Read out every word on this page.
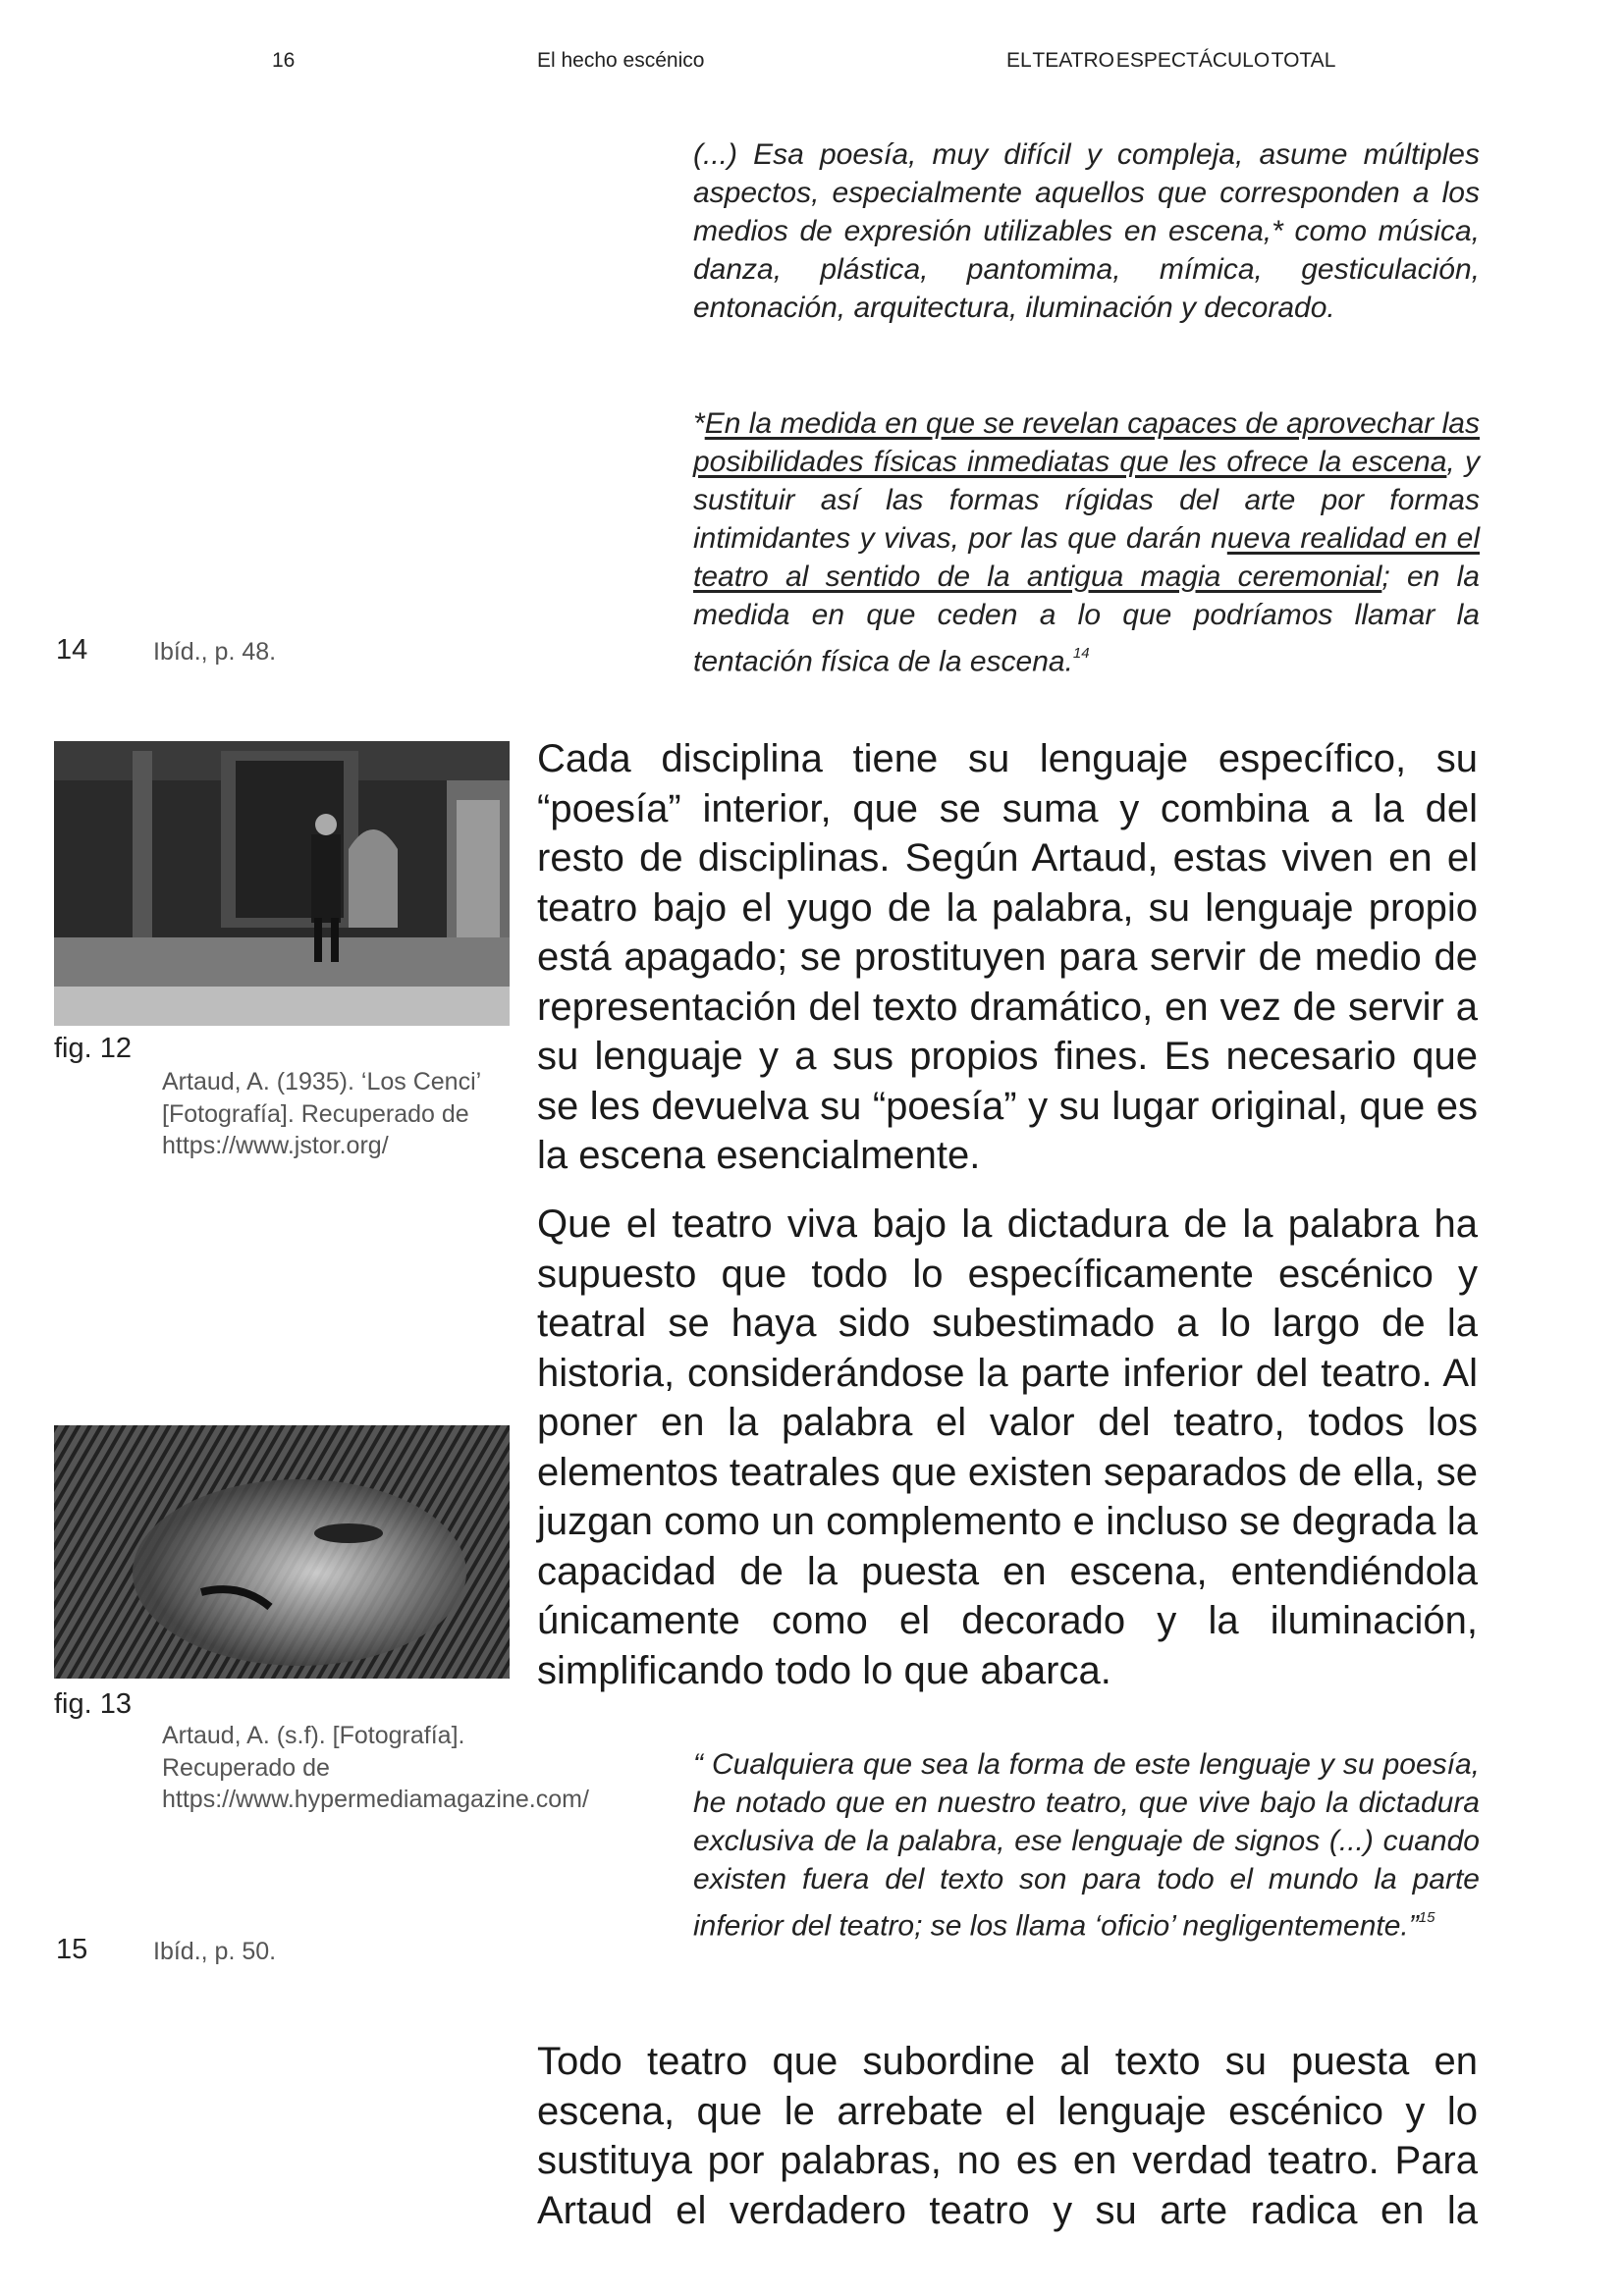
16	El hecho escénico	EL TEATRO ESPECTÁCULO TOTAL
(...) Esa poesía, muy difícil y compleja, asume múltiples aspectos, especialmente aquellos que corresponden a los medios de expresión utilizables en escena,* como música, danza, plástica, pantomima, mímica, gesticulación, entonación, arquitectura, iluminación y decorado.
*En la medida en que se revelan capaces de aprovechar las posibilidades físicas inmediatas que les ofrece la escena, y sustituir así las formas rígidas del arte por formas intimidantes y vivas, por las que darán nueva realidad en el teatro al sentido de la antigua magia ceremonial; en la medida en que ceden a lo que podríamos llamar la tentación física de la escena.$^{14}$
14	Ibíd., p. 48.
fig. 12
Artaud, A. (1935). ‘Los Cenci’ [Fotografía]. Recuperado de https://www.jstor.org/

Cada disciplina tiene su lenguaje específico, su “poesía” interior, que se suma y combina a la del resto de disciplinas. Según Artaud, estas viven en el teatro bajo el yugo de la palabra, su lenguaje propio está apagado; se prostituyen para servir de medio de representación del texto dramático, en vez de servir a su lenguaje y a sus propios fines. Es necesario que se les devuelva su “poesía” y su lugar original, que es la escena esencialmente.

Que el teatro viva bajo la dictadura de la palabra ha supuesto que todo lo específicamente escénico y teatral se haya sido subestimado a lo largo de la historia, considerándose la parte inferior del teatro. Al poner en la palabra el valor del teatro, todos los elementos teatrales que existen separados de ella, se juzgan como un complemento e incluso se degrada la capacidad de la puesta en escena, entendiéndola únicamente como el decorado y la iluminación, simplificando todo lo que abarca.

fig. 13
Artaud, A. (s.f). [Fotografía]. Recuperado de https://www.hypermediamagazine.com/
“ Cualquiera que sea la forma de este lenguaje y su poesía, he notado que en nuestro teatro, que vive bajo la dictadura exclusiva de la palabra, ese lenguaje de signos (...) cuando existen fuera del texto son para todo el mundo la parte inferior del teatro; se los llama ‘oficio’ negligentemente.”$^{15}$
15	Ibíd., p. 50.

Todo teatro que subordine al texto su puesta en escena, que le arrebate el lenguaje escénico y lo sustituya por palabras, no es en verdad teatro. Para Artaud el verdadero teatro y su arte radica en la
